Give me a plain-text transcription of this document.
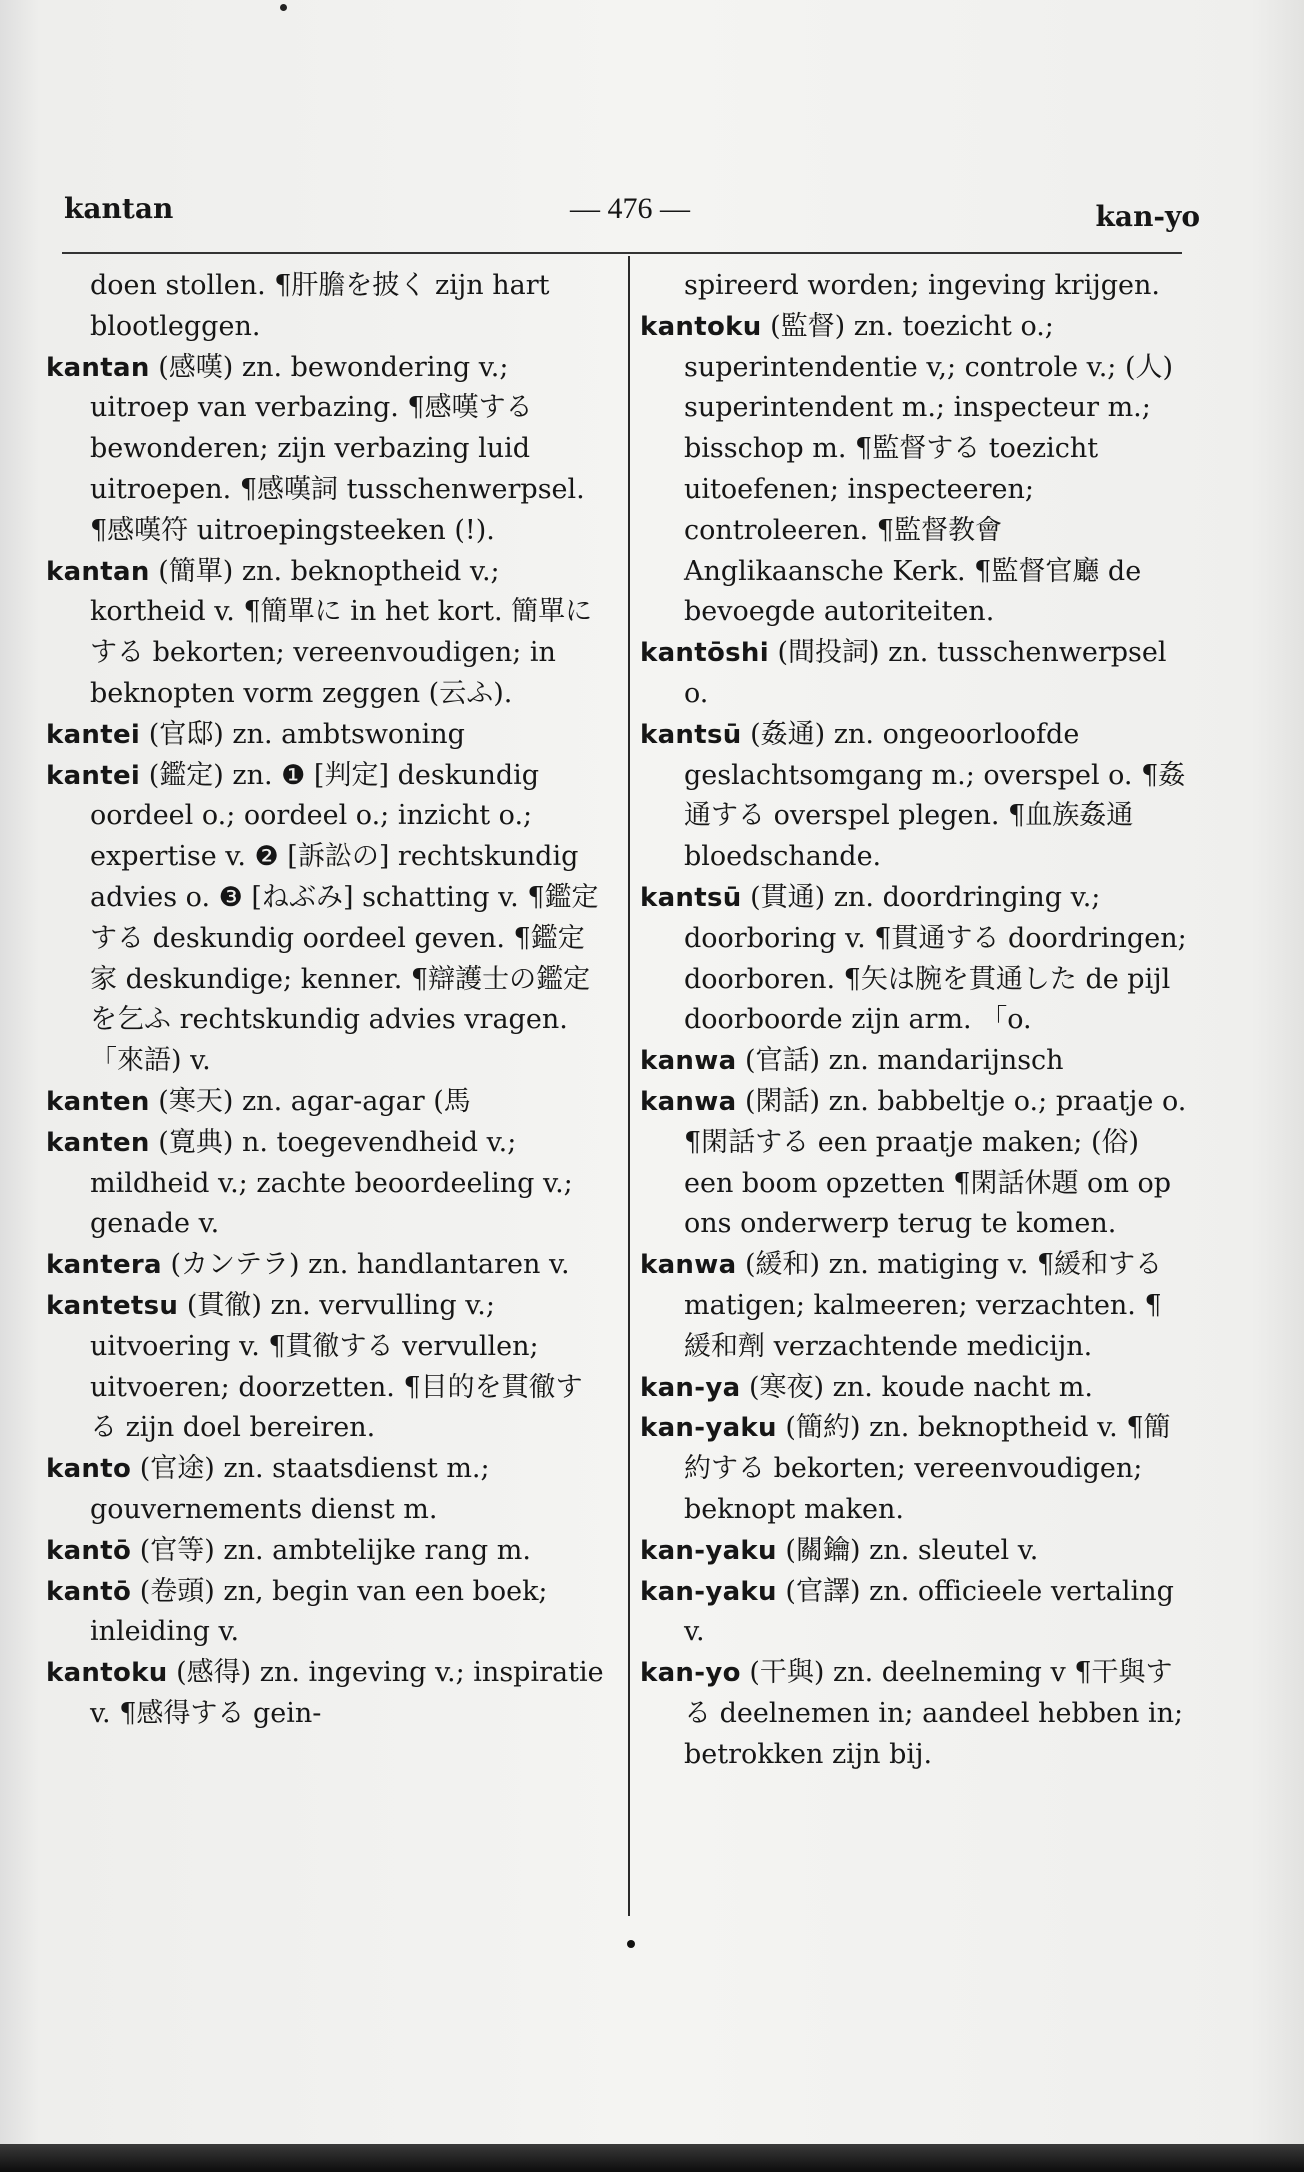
kantan	— 476 —	kan-yo

doen stollen. ¶肝膽を披く zijn hart blootleggen.

kantan (感嘆) zn. bewondering v.; uitroep van verbazing. ¶感嘆する bewonderen; zijn verbazing luid uitroepen. ¶感嘆詞 tusschenwerpsel. ¶感嘆符 uitroepingsteeken (!).

kantan (簡單) zn. beknoptheid v.; kortheid v. ¶簡單に in het kort. 簡單にする bekorten; vereenvoudigen; in beknopten vorm zeggen (云ふ).

kantei (官邸) zn. ambtswoning

kantei (鑑定) zn. ❶ [判定] deskundig oordeel o.; oordeel o.; inzicht o.; expertise v. ❷ [訴訟の] rechtskundig advies o. ❸ [ねぶみ] schatting v. ¶鑑定する deskundig oordeel geven. ¶鑑定家 deskundige; kenner. ¶辯護士の鑑定を乞ふ rechtskundig advies vragen. 「來語) v.

kanten (寒天) zn. agar-agar (馬

kanten (寛典) n. toegevendheid v.; mildheid v.; zachte beoordeeling v.; genade v.

kantera (カンテラ) zn. handlantaren v.

kantetsu (貫徹) zn. vervulling v.; uitvoering v. ¶貫徹する vervullen; uitvoeren; doorzetten. ¶目的を貫徹する zijn doel bereiren.

kanto (官途) zn. staatsdienst m.; gouvernements dienst m.

kantō (官等) zn. ambtelijke rang m.

kantō (卷頭) zn, begin van een boek; inleiding v.

kantoku (感得) zn. ingeving v.; inspiratie v. ¶感得する gein-

spireerd worden; ingeving krijgen.

kantoku (監督) zn. toezicht o.; superintendentie v,; controle v.; (人) superintendent m.; inspecteur m.; bisschop m. ¶監督する toezicht uitoefenen; inspecteeren; controleeren. ¶監督教會 Anglikaansche Kerk. ¶監督官廳 de bevoegde autoriteiten.

kantōshi (間投詞) zn. tusschenwerpsel o.

kantsū (姦通) zn. ongeoorloofde geslachtsomgang m.; overspel o. ¶姦通する overspel plegen. ¶血族姦通 bloedschande.

kantsū (貫通) zn. doordringing v.; doorboring v. ¶貫通する doordringen; doorboren. ¶矢は腕を貫通した de pijl doorboorde zijn arm. 「o.

kanwa (官話) zn. mandarijnsch

kanwa (閑話) zn. babbeltje o.; praatje o. ¶閑話する een praatje maken; (俗) een boom opzetten ¶閑話休題 om op ons onderwerp terug te komen.

kanwa (緩和) zn. matiging v. ¶緩和する matigen; kalmeeren; verzachten. ¶緩和劑 verzachtende medicijn.

kan-ya (寒夜) zn. koude nacht m.

kan-yaku (簡約) zn. beknoptheid v. ¶簡約する bekorten; vereenvoudigen; beknopt maken.

kan-yaku (關鑰) zn. sleutel v.

kan-yaku (官譯) zn. officieele vertaling v.

kan-yo (干與) zn. deelneming v ¶干與する deelnemen in; aandeel hebben in; betrokken zijn bij.
